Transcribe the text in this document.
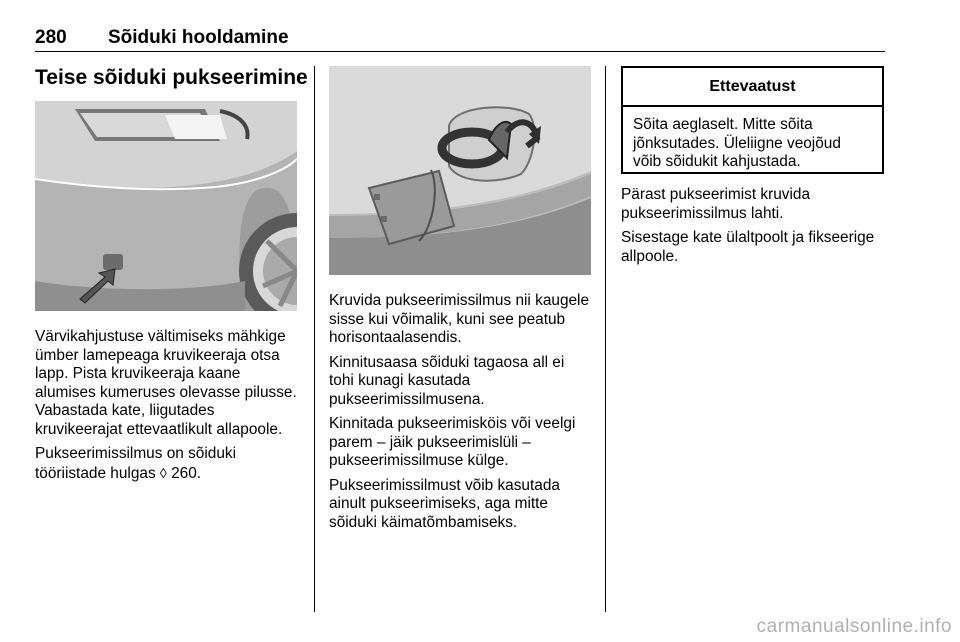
280 Sõiduki hooldamine
Teise sõiduki pukseerimine

Värvikahjustuse vältimiseks mähkige ümber lamepeaga kruvikeeraja otsa lapp. Pista kruvikeeraja kaane alumises kumeruses olevasse pilusse. Vabastada kate, liigutades kruvikeerajat ettevaatlikult allapoole.

Pukseerimissilmus on sõiduki tööriistade hulgas ◊ 260.

Kruvida pukseerimissilmus nii kaugele sisse kui võimalik, kuni see peatub horisontaalasendis.

Kinnitusaasa sõiduki tagaosa all ei tohi kunagi kasutada pukseerimissilmusena.

Kinnitada pukseerimisköis või veelgi parem – jäik pukseerimislüli – pukseerimissilmuse külge.

Pukseerimissilmust võib kasutada ainult pukseerimiseks, aga mitte sõiduki käimatõmbamiseks.

Ettevaatust
Sõita aeglaselt. Mitte sõita jõnksutades. Üleliigne veojõud võib sõidukit kahjustada.

Pärast pukseerimist kruvida pukseerimissilmus lahti.

Sisestage kate ülaltpoolt ja fikseerige allpoole.

carmanualsonline.info
